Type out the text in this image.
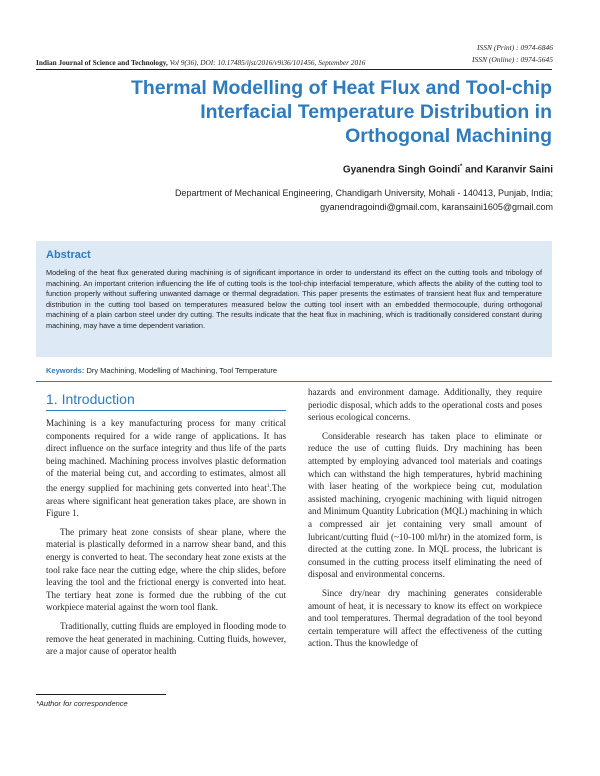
ISSN (Print) : 0974-6846
ISSN (Online) : 0974-5645
Indian Journal of Science and Technology, Vol 9(36), DOI: 10.17485/ijst/2016/v9i36/101456, September 2016
Thermal Modelling of Heat Flux and Tool-chip
Interfacial Temperature Distribution in
Orthogonal Machining
Gyanendra Singh Goindi* and Karanvir Saini
Department of Mechanical Engineering, Chandigarh University, Mohali - 140413, Punjab, India;
gyanendragoindi@gmail.com, karansaini1605@gmail.com
Abstract
Modeling of the heat flux generated during machining is of significant importance in order to understand its effect on the cutting tools and tribology of machining. An important criterion influencing the life of cutting tools is the tool-chip interfacial temperature, which affects the ability of the cutting tool to function properly without suffering unwanted damage or thermal degradation. This paper presents the estimates of transient heat flux and temperature distribution in the cutting tool based on temperatures measured below the cutting tool insert with an embedded thermocouple, during orthogonal machining of a plain carbon steel under dry cutting. The results indicate that the heat flux in machining, which is traditionally considered constant during machining, may have a time dependent variation.
Keywords: Dry Machining, Modelling of Machining, Tool Temperature
1. Introduction

Machining is a key manufacturing process for many critical components required for a wide range of applications. It has direct influence on the surface integrity and thus life of the parts being machined. Machining process involves plastic deformation of the material being cut, and according to estimates, almost all the energy supplied for machining gets converted into heat$^1$.The areas where significant heat generation takes place, are shown in Figure 1.

The primary heat zone consists of shear plane, where the material is plastically deformed in a narrow shear band, and this energy is converted to heat. The secondary heat zone exists at the tool rake face near the cutting edge, where the chip slides, before leaving the tool and the frictional energy is converted into heat. The tertiary heat zone is formed due the rubbing of the cut workpiece material against the worn tool flank.

Traditionally, cutting fluids are employed in flooding mode to remove the heat generated in machining. Cutting fluids, however, are a major cause of operator health

hazards and environment damage. Additionally, they require periodic disposal, which adds to the operational costs and poses serious ecological concerns.

Considerable research has taken place to eliminate or reduce the use of cutting fluids. Dry machining has been attempted by employing advanced tool materials and coatings which can withstand the high temperatures, hybrid machining with laser heating of the workpiece being cut, modulation assisted machining, cryogenic machining with liquid nitrogen and Minimum Quantity Lubrication (MQL) machining in which a compressed air jet containing very small amount of lubricant/cutting fluid (~10-100 ml/hr) in the atomized form, is directed at the cutting zone. In MQL process, the lubricant is consumed in the cutting process itself eliminating the need of disposal and environmental concerns.

Since dry/near dry machining generates considerable amount of heat, it is necessary to know its effect on workpiece and tool temperatures. Thermal degradation of the tool beyond certain temperature will affect the effectiveness of the cutting action. Thus the knowledge of

*Author for correspondence
